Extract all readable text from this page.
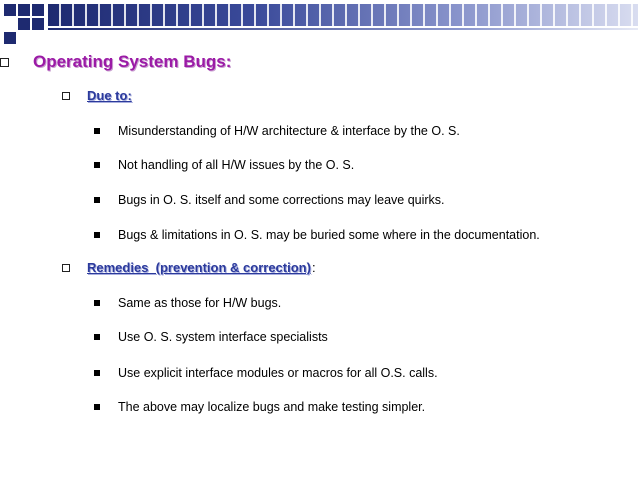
Operating System Bugs:
Due to:
Misunderstanding of H/W architecture & interface by the O. S.
Not handling of all H/W issues by the O. S.
Bugs in O. S. itself and some corrections may leave quirks.
Bugs & limitations in O. S. may be buried some where in the documentation.
Remedies  (prevention & correction) :
Same as those for H/W bugs.
Use O. S. system interface specialists
Use explicit interface modules or macros for all O.S. calls.
The above may localize bugs and make testing simpler.
